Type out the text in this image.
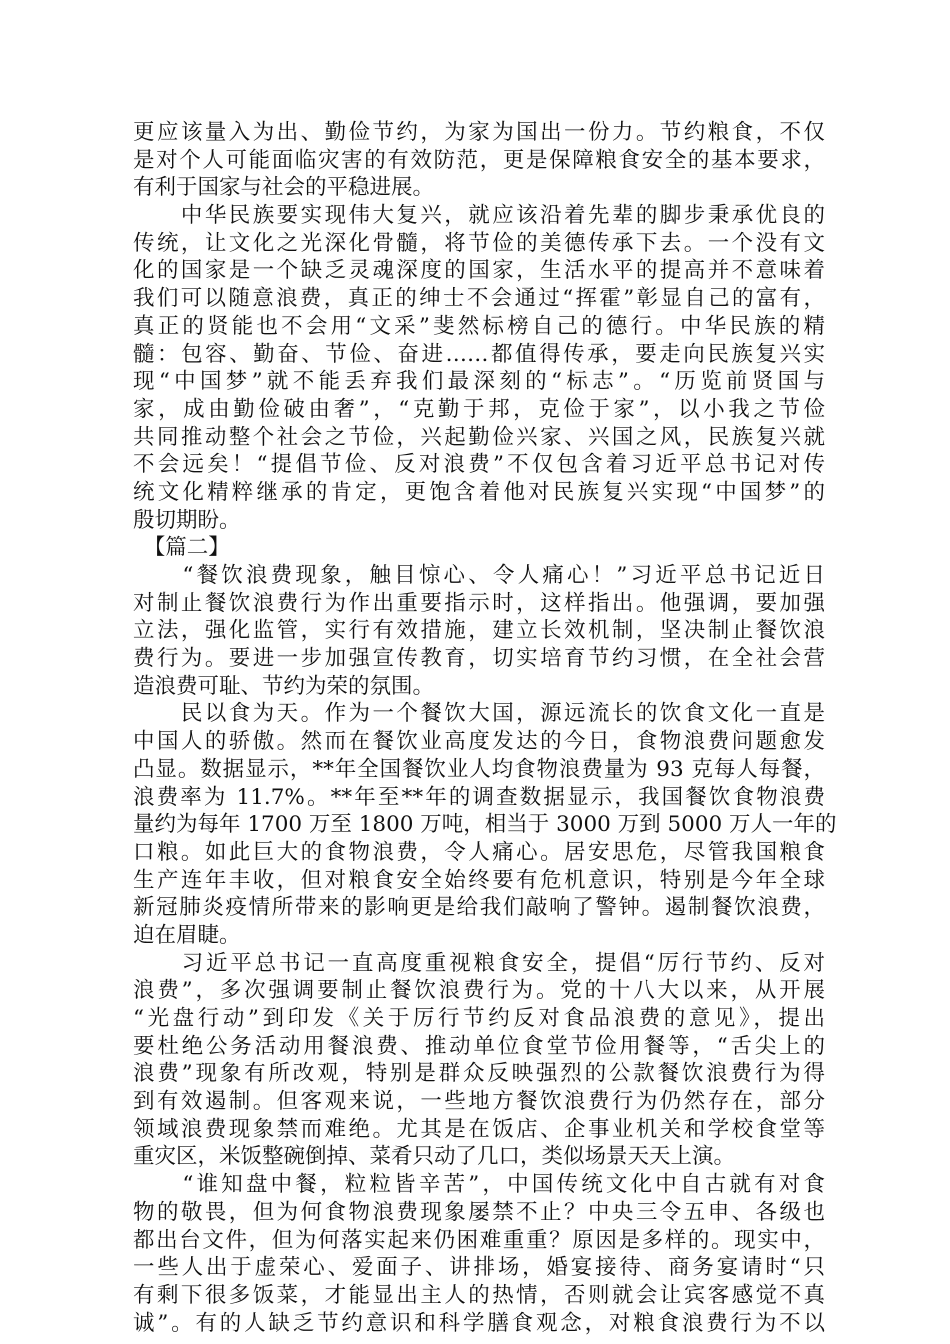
更应该量入为出、勤俭节约，为家为国出一份力。节约粮食，不仅
是对个人可能面临灾害的有效防范，更是保障粮食安全的基本要求，
有利于国家与社会的平稳进展。
　　中华民族要实现伟大复兴，就应该沿着先辈的脚步秉承优良的
传统，让文化之光深化骨髓，将节俭的美德传承下去。一个没有文
化的国家是一个缺乏灵魂深度的国家，生活水平的提高并不意味着
我们可以随意浪费，真正的绅士不会通过“挥霍”彰显自己的富有，
真正的贤能也不会用“文采”斐然标榜自己的德行。中华民族的精
髓：包容、勤奋、节俭、奋进……都值得传承，要走向民族复兴实
现“中国梦”就不能丢弃我们最深刻的“标志”。“历览前贤国与
家，成由勤俭破由奢”，“克勤于邦，克俭于家”，以小我之节俭
共同推动整个社会之节俭，兴起勤俭兴家、兴国之风，民族复兴就
不会远矣！“提倡节俭、反对浪费”不仅包含着习近平总书记对传
统文化精粹继承的肯定，更饱含着他对民族复兴实现“中国梦”的
殷切期盼。
　【篇二】
　　“餐饮浪费现象，触目惊心、令人痛心！”习近平总书记近日
对制止餐饮浪费行为作出重要指示时，这样指出。他强调，要加强
立法，强化监管，实行有效措施，建立长效机制，坚决制止餐饮浪
费行为。要进一步加强宣传教育，切实培育节约习惯，在全社会营
造浪费可耻、节约为荣的氛围。
　　民以食为天。作为一个餐饮大国，源远流长的饮食文化一直是
中国人的骄傲。然而在餐饮业高度发达的今日，食物浪费问题愈发
凸显。数据显示，**年全国餐饮业人均食物浪费量为 93 克每人每餐，
浪费率为 11.7%。**年至**年的调查数据显示，我国餐饮食物浪费
量约为每年 1700 万至 1800 万吨，相当于 3000 万到 5000 万人一年的
口粮。如此巨大的食物浪费，令人痛心。居安思危，尽管我国粮食
生产连年丰收，但对粮食安全始终要有危机意识，特别是今年全球
新冠肺炎疫情所带来的影响更是给我们敲响了警钟。遏制餐饮浪费，
迫在眉睫。
　　习近平总书记一直高度重视粮食安全，提倡“厉行节约、反对
浪费”，多次强调要制止餐饮浪费行为。党的十八大以来，从开展
“光盘行动”到印发《关于厉行节约反对食品浪费的意见》，提出
要杜绝公务活动用餐浪费、推动单位食堂节俭用餐等，“舌尖上的
浪费”现象有所改观，特别是群众反映强烈的公款餐饮浪费行为得
到有效遏制。但客观来说，一些地方餐饮浪费行为仍然存在，部分
领域浪费现象禁而难绝。尤其是在饭店、企事业机关和学校食堂等
重灾区，米饭整碗倒掉、菜肴只动了几口，类似场景天天上演。
　　“谁知盘中餐，粒粒皆辛苦”，中国传统文化中自古就有对食
物的敬畏，但为何食物浪费现象屡禁不止？中央三令五申、各级也
都出台文件，但为何落实起来仍困难重重？原因是多样的。现实中，
一些人出于虚荣心、爱面子、讲排场，婚宴接待、商务宴请时“只
有剩下很多饭菜，才能显出主人的热情，否则就会让宾客感觉不真
诚”。有的人缺乏节约意识和科学膳食观念，对粮食浪费行为不以
